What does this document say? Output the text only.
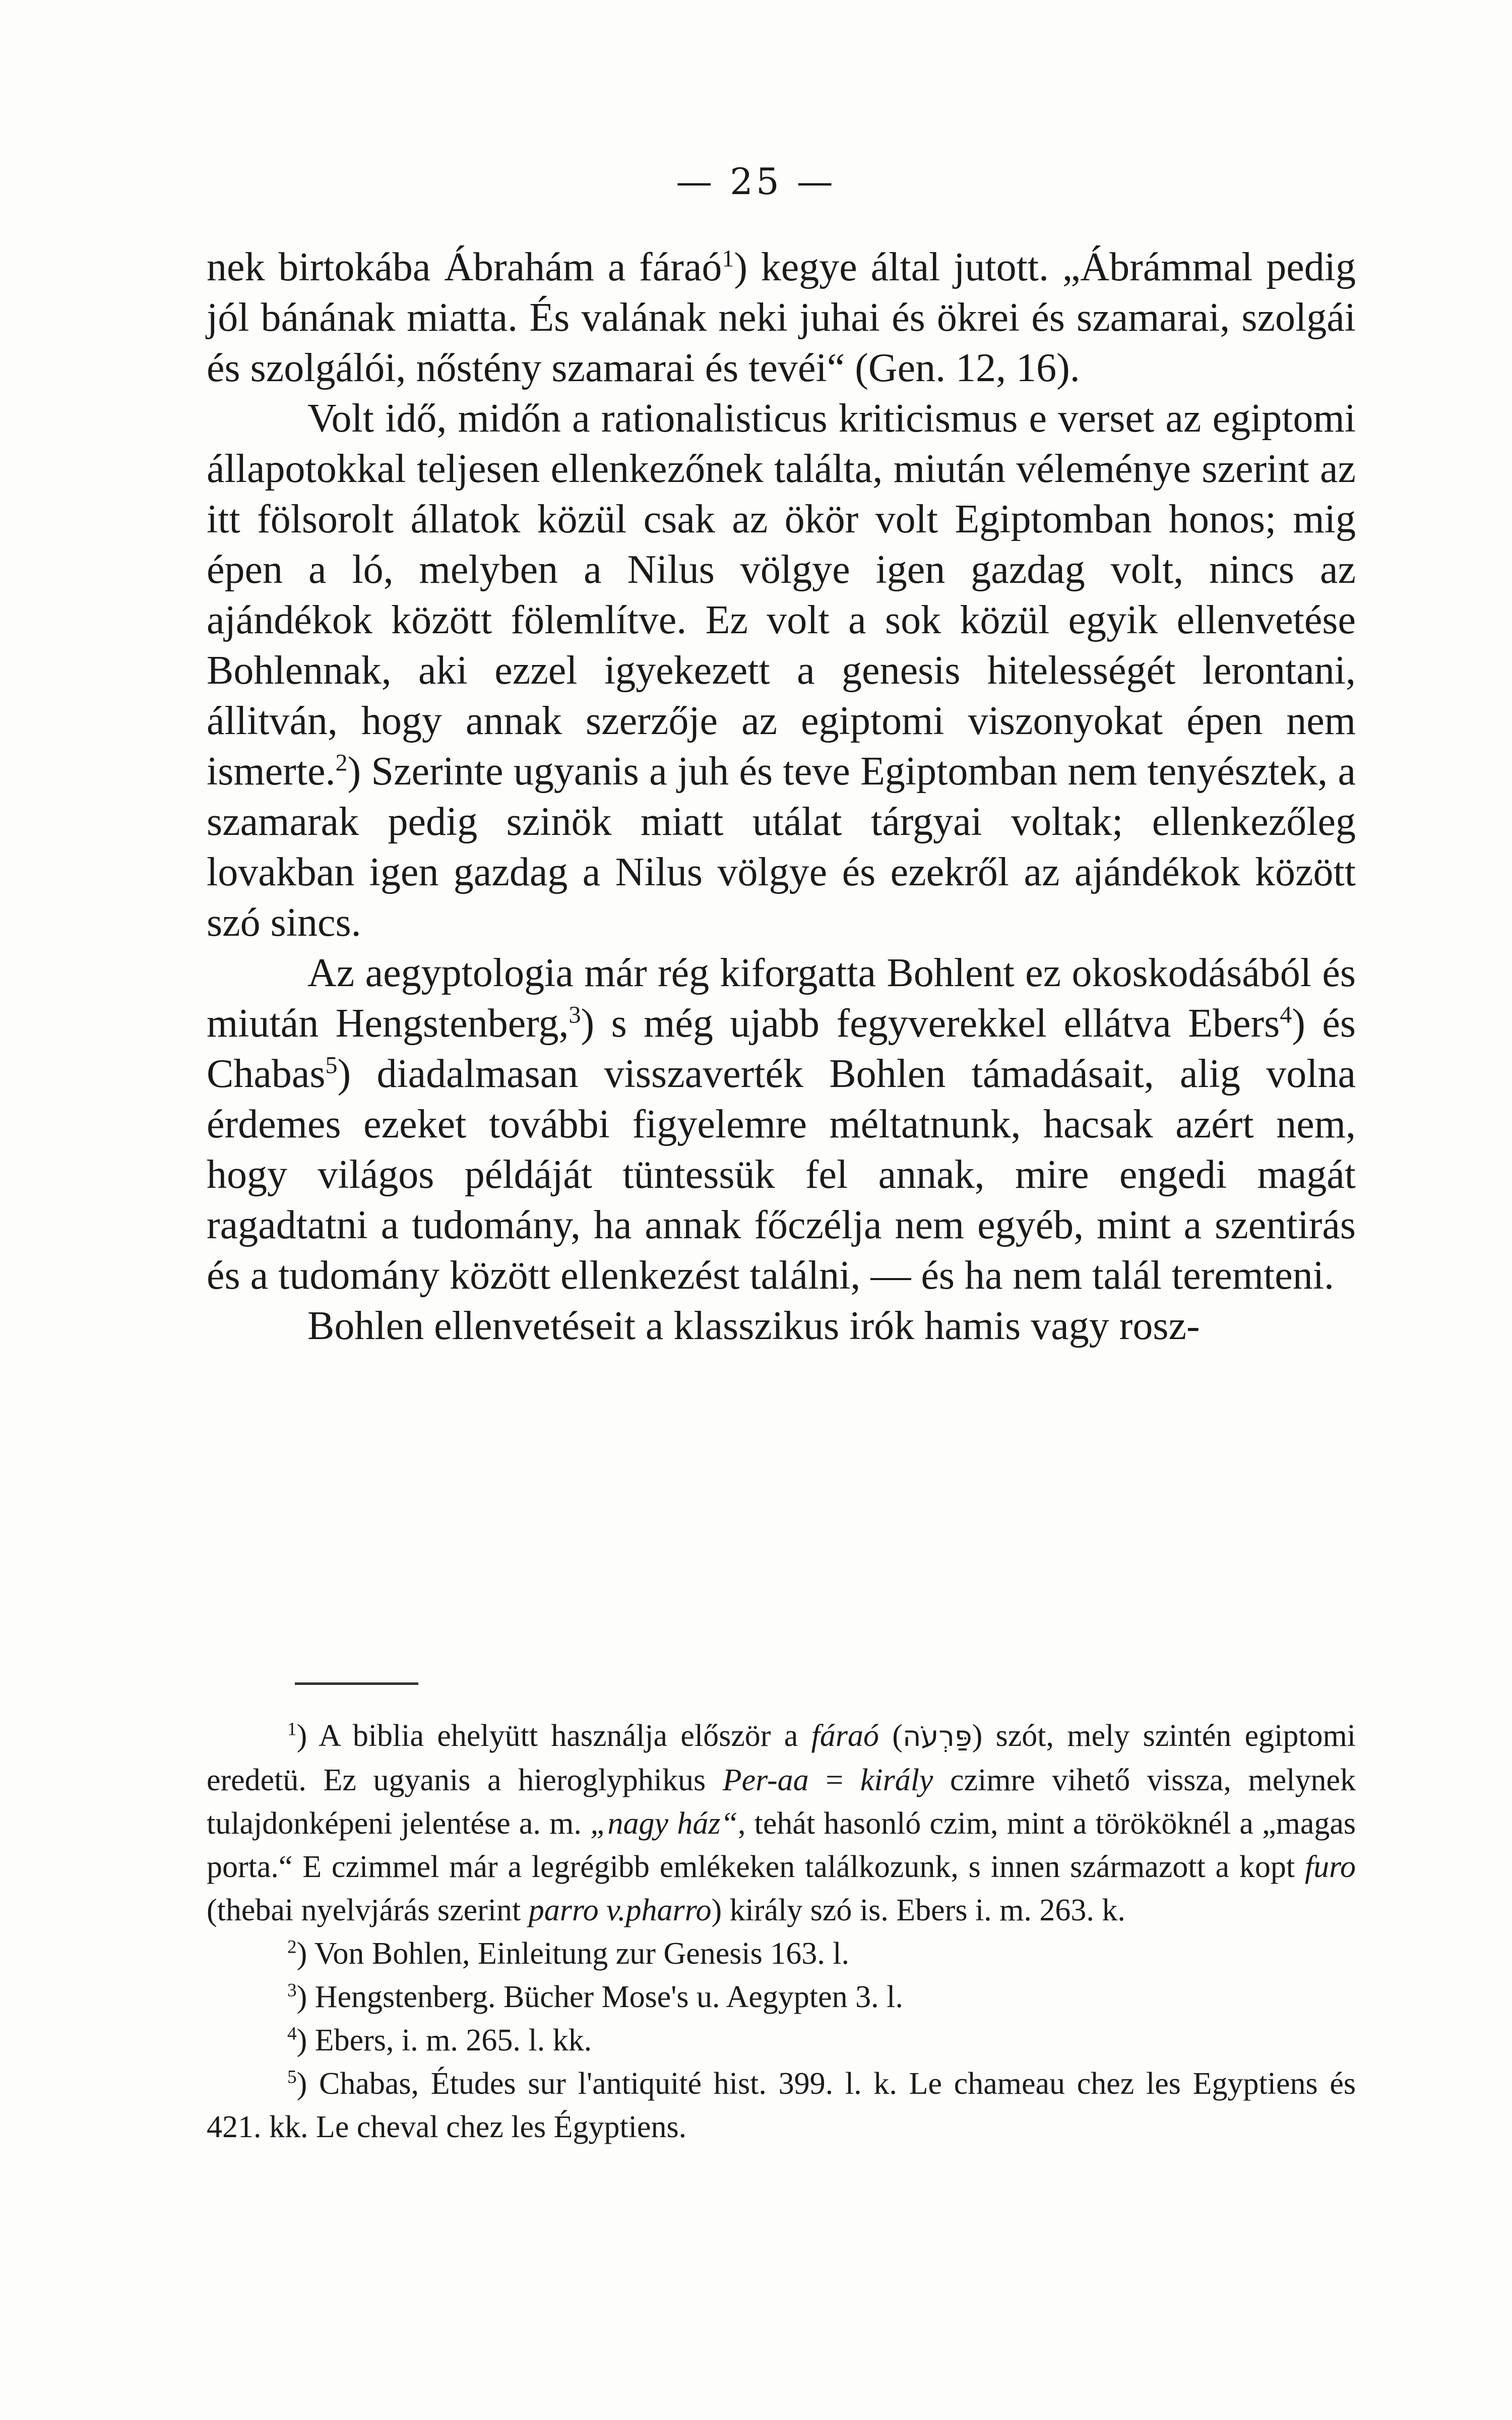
— 25 —

nek birtokába Ábrahám a fáraó$^1$) kegye által jutott. „Ábrámmal pedig jól bánának miatta. És valának neki juhai és ökrei és szamarai, szolgái és szolgálói, nőstény szamarai és tevéi“ (Gen. 12, 16).

Volt idő, midőn a rationalisticus kriticismus e verset az egiptomi állapotokkal teljesen ellenkezőnek találta, miután véleménye szerint az itt fölsorolt állatok közül csak az ökör volt Egiptomban honos; mig épen a ló, melyben a Nilus völgye igen gazdag volt, nincs az ajándékok között fölemlítve. Ez volt a sok közül egyik ellenvetése Bohlennak, aki ezzel igyekezett a genesis hitelességét lerontani, állitván, hogy annak szerzője az egiptomi viszonyokat épen nem ismerte.$^2$) Szerinte ugyanis a juh és teve Egiptomban nem tenyésztek, a szamarak pedig szinök miatt utálat tárgyai voltak; ellenkezőleg lovakban igen gazdag a Nilus völgye és ezekről az ajándékok között szó sincs.

Az aegyptologia már rég kiforgatta Bohlent ez okoskodásából és miután Hengstenberg,$^3$) s még ujabb fegyverekkel ellátva Ebers$^4$) és Chabas$^5$) diadalmasan visszaverték Bohlen támadásait, alig volna érdemes ezeket további figyelemre méltatnunk, hacsak azért nem, hogy világos példáját tüntessük fel annak, mire engedi magát ragadtatni a tudomány, ha annak főczélja nem egyéb, mint a szentirás és a tudomány között ellenkezést találni, — és ha nem talál teremteni.

Bohlen ellenvetéseit a klasszikus irók hamis vagy rosz-

$^1$) A biblia ehelyütt használja először a fáraó (פַּרְעֹה) szót, mely szintén egiptomi eredetü. Ez ugyanis a hieroglyphikus Per-aa = király czimre vihető vissza, melynek tulajdonképeni jelentése a. m. „nagy ház“, tehát hasonló czim, mint a törököknél a „magas porta.“ E czimmel már a legrégibb emlékeken találkozunk, s innen származott a kopt furo (thebai nyelvjárás szerint parro v.pharro) király szó is. Ebers i. m. 263. k.

$^2$) Von Bohlen, Einleitung zur Genesis 163. l.

$^3$) Hengstenberg. Bücher Mose's u. Aegypten 3. l.

$^4$) Ebers, i. m. 265. l. kk.

$^5$) Chabas, Études sur l'antiquité hist. 399. l. k. Le chameau chez les Egyptiens és 421. kk. Le cheval chez les Égyptiens.
